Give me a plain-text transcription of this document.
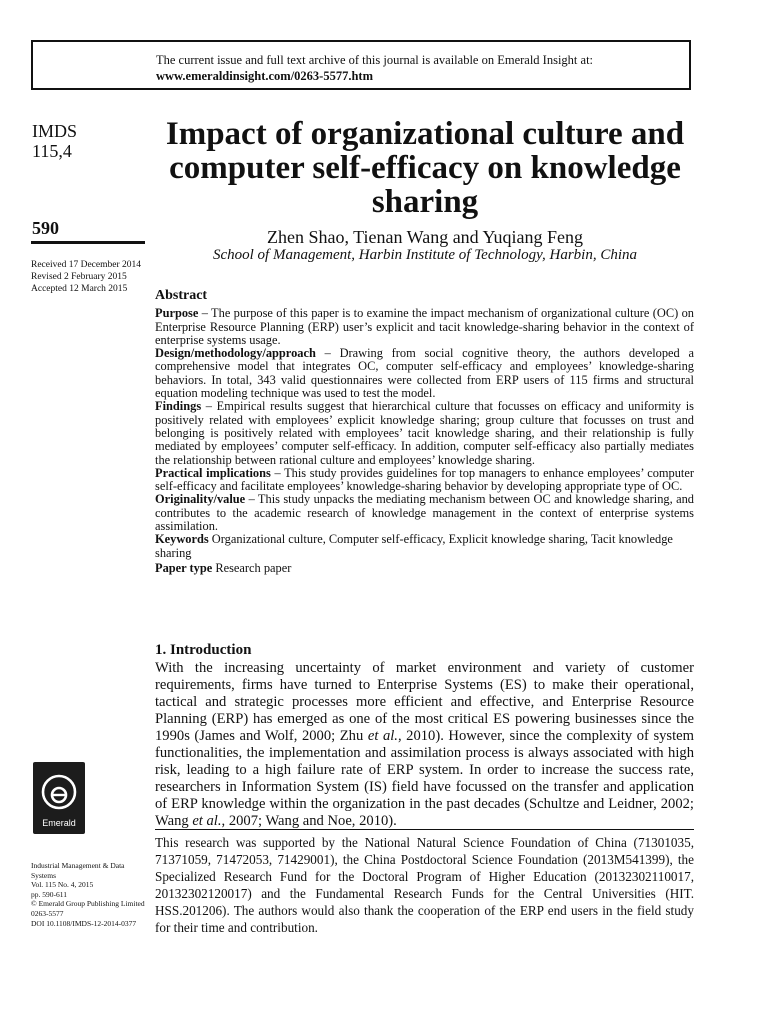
The current issue and full text archive of this journal is available on Emerald Insight at:
www.emeraldinsight.com/0263-5577.htm
IMDS
115,4
590
Received 17 December 2014
Revised 2 February 2015
Accepted 12 March 2015
Impact of organizational culture and computer self-efficacy on knowledge sharing
Zhen Shao, Tienan Wang and Yuqiang Feng
School of Management, Harbin Institute of Technology, Harbin, China
Abstract

Purpose – The purpose of this paper is to examine the impact mechanism of organizational culture (OC) on Enterprise Resource Planning (ERP) user’s explicit and tacit knowledge-sharing behavior in the context of enterprise systems usage.

Design/methodology/approach – Drawing from social cognitive theory, the authors developed a comprehensive model that integrates OC, computer self-efficacy and employees’ knowledge-sharing behaviors. In total, 343 valid questionnaires were collected from ERP users of 115 firms and structural equation modeling technique was used to test the model.

Findings – Empirical results suggest that hierarchical culture that focusses on efficacy and uniformity is positively related with employees’ explicit knowledge sharing; group culture that focusses on trust and belonging is positively related with employees’ tacit knowledge sharing, and their relationship is fully mediated by employees’ computer self-efficacy. In addition, computer self-efficacy also partially mediates the relationship between rational culture and employees’ knowledge sharing.

Practical implications – This study provides guidelines for top managers to enhance employees’ computer self-efficacy and facilitate employees’ knowledge-sharing behavior by developing appropriate type of OC.

Originality/value – This study unpacks the mediating mechanism between OC and knowledge sharing, and contributes to the academic research of knowledge management in the context of enterprise systems assimilation.

Keywords Organizational culture, Computer self-efficacy, Explicit knowledge sharing, Tacit knowledge sharing

Paper type Research paper

1. Introduction

With the increasing uncertainty of market environment and variety of customer requirements, firms have turned to Enterprise Systems (ES) to make their operational, tactical and strategic processes more efficient and effective, and Enterprise Resource Planning (ERP) has emerged as one of the most critical ES powering businesses since the 1990s (James and Wolf, 2000; Zhu et al., 2010). However, since the complexity of system functionalities, the implementation and assimilation process is always associated with high risk, leading to a high failure rate of ERP system. In order to increase the success rate, researchers in Information System (IS) field have focussed on the transfer and application of ERP knowledge within the organization in the past decades (Schultze and Leidner, 2002; Wang et al., 2007; Wang and Noe, 2010).

Emerald
This research was supported by the National Natural Science Foundation of China (71301035, 71371059, 71472053, 71429001), the China Postdoctoral Science Foundation (2013M541399), the Specialized Research Fund for the Doctoral Program of Higher Education (20132302110017, 20132302120017) and the Fundamental Research Funds for the Central Universities (HIT. HSS.201206). The authors would also thank the cooperation of the ERP end users in the field study for their time and contribution.
Industrial Management & Data Systems
Vol. 115 No. 4, 2015
pp. 590-611
© Emerald Group Publishing Limited
0263-5577
DOI 10.1108/IMDS-12-2014-0377
